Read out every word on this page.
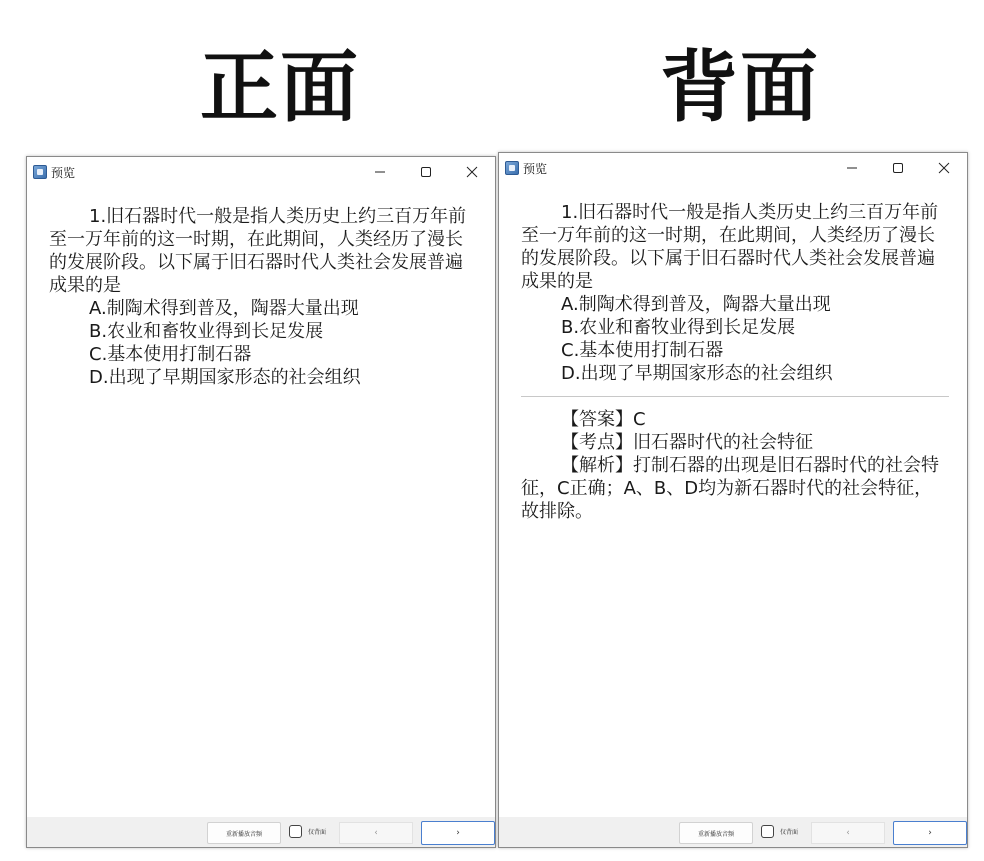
正面	背面
预览

1.旧石器时代一般是指人类历史上约三百万年前至一万年前的这一时期，在此期间，人类经历了漫长的发展阶段。以下属于旧石器时代人类社会发展普遍成果的是

A.制陶术得到普及，陶器大量出现

B.农业和畜牧业得到长足发展

C.基本使用打制石器

D.出现了早期国家形态的社会组织

重新播放音频	仅背面	‹	›
预览

1.旧石器时代一般是指人类历史上约三百万年前至一万年前的这一时期，在此期间，人类经历了漫长的发展阶段。以下属于旧石器时代人类社会发展普遍成果的是

A.制陶术得到普及，陶器大量出现

B.农业和畜牧业得到长足发展

C.基本使用打制石器

D.出现了早期国家形态的社会组织

【答案】C

【考点】旧石器时代的社会特征

【解析】打制石器的出现是旧石器时代的社会特征，C正确；A、B、D均为新石器时代的社会特征，故排除。

重新播放音频	仅背面	‹	›
